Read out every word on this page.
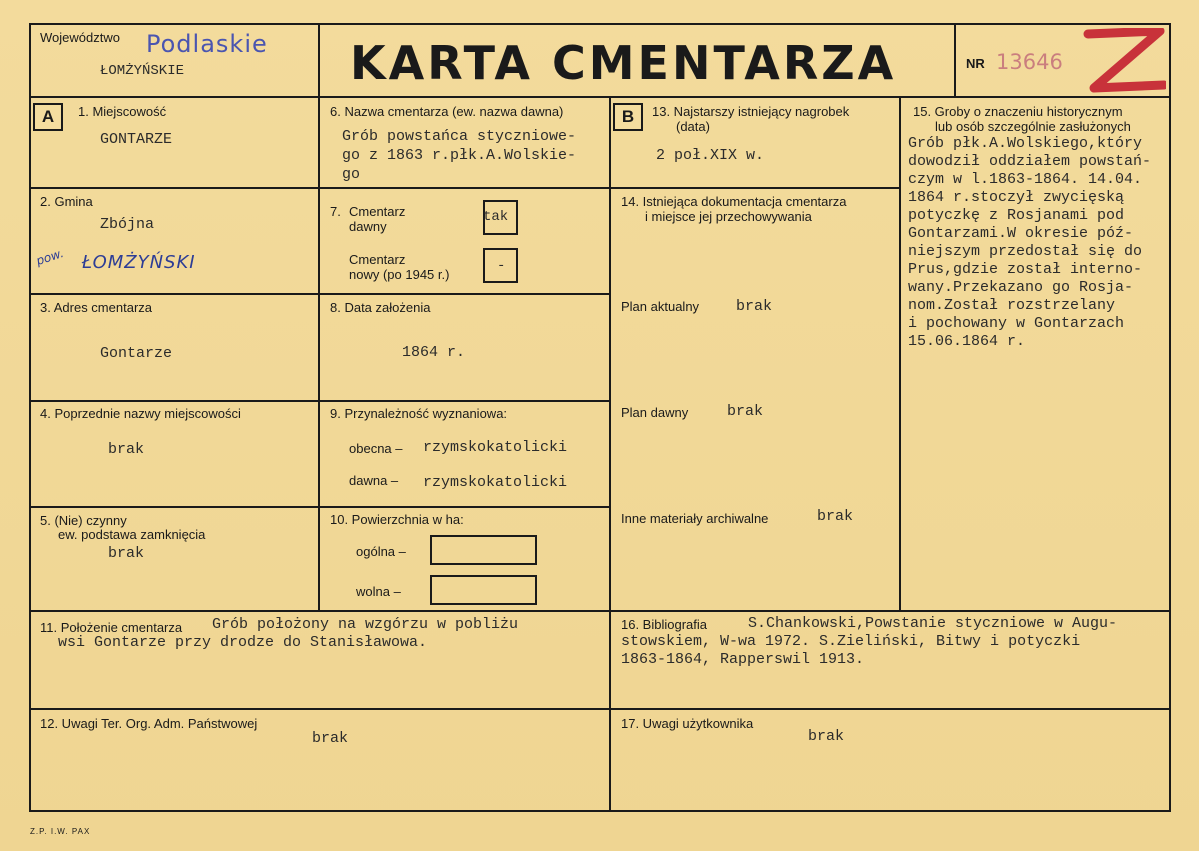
Województwo Podlaskie
ŁOMŻYŃSKIE	KARTA CMENTARZA	NR 13646
A	B
1. Miejscowość
GONTARZE
2. Gmina
Zbójna
pow. ŁOMŻYŃSKI
3. Adres cmentarza
Gontarze
4. Poprzednie nazwy miejscowości
brak
5. (Nie) czynny
ew. podstawa zamknięcia
brak
6. Nazwa cmentarza (ew. nazwa dawna)
Grób powstańca styczniowe-
go z 1863 r.płk.A.Wolskie-
go
7. Cmentarz
dawny
tak
Cmentarz
nowy (po 1945 r.)
-
8. Data założenia
1864 r.
9. Przynależność wyznaniowa:
obecna – rzymskokatolicki
dawna – rzymskokatolicki
10. Powierzchnia w ha:
ogólna –
wolna –
13. Najstarszy istniejący nagrobek
(data)
2 poł.XIX w.
14. Istniejąca dokumentacja cmentarza
i miejsce jej przechowywania
Plan aktualny brak
Plan dawny	brak
Inne materiały archiwalne	brak
15. Groby o znaczeniu historycznym
lub osób szczególnie zasłużonych
Grób płk.A.Wolskiego,który
dowodził oddziałem powstań-
czym w l.1863-1864. 14.04.
1864 r.stoczył zwycięską
potyczkę z Rosjanami pod
Gontarzami.W okresie póź-
niejszym przedostał się do
Prus,gdzie został interno-
wany.Przekazano go Rosja-
nom.Został rozstrzelany
i pochowany w Gontarzach
15.06.1864 r.
11. Położenie cmentarza Grób położony na wzgórzu w pobliżu
wsi Gontarze przy drodze do Stanisławowa.
16. Bibliografia	S.Chankowski,Powstanie styczniowe w Augu-
stowskiem, W-wa 1972. S.Zieliński, Bitwy i potyczki
1863-1864, Rapperswil 1913.
12. Uwagi Ter. Org. Adm. Państwowej
brak
17. Uwagi użytkownika
brak
Z.P. I.W. PAX
